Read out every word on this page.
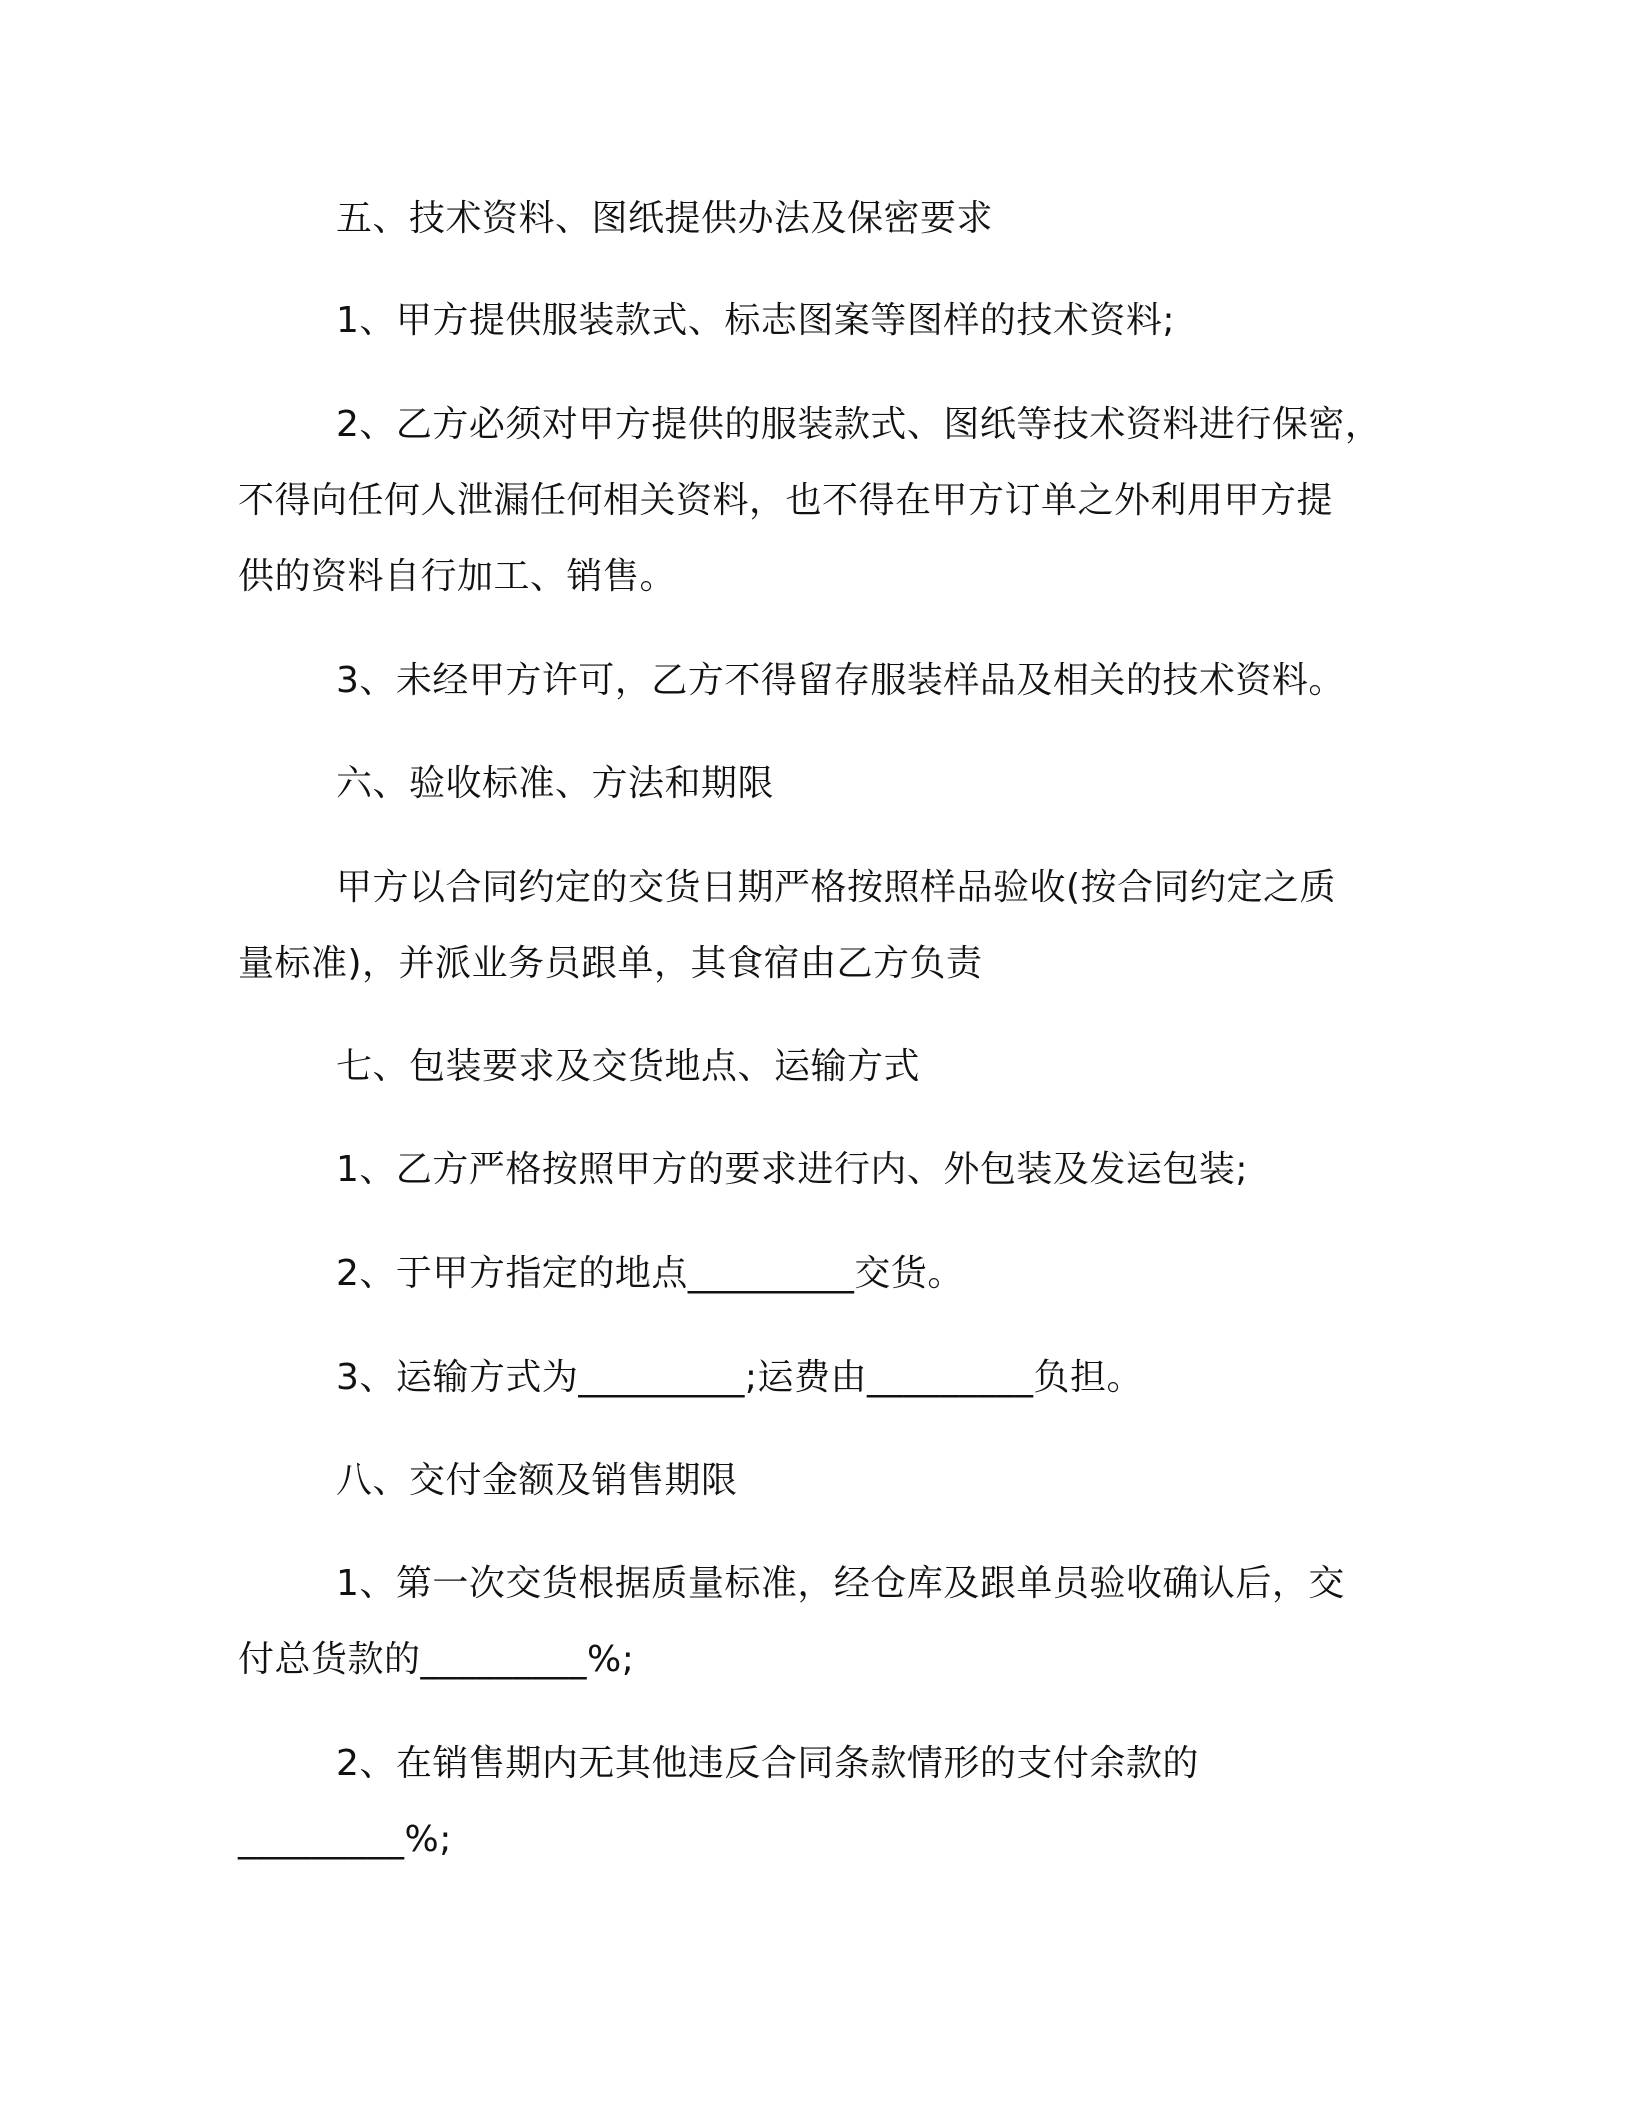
五、技术资料、图纸提供办法及保密要求
1、甲方提供服装款式、标志图案等图样的技术资料;
2、乙方必须对甲方提供的服装款式、图纸等技术资料进行保密，
不得向任何人泄漏任何相关资料，也不得在甲方订单之外利用甲方提
供的资料自行加工、销售。
3、未经甲方许可，乙方不得留存服装样品及相关的技术资料。
六、验收标准、方法和期限
甲方以合同约定的交货日期严格按照样品验收(按合同约定之质
量标准)，并派业务员跟单，其食宿由乙方负责
七、包装要求及交货地点、运输方式
1、乙方严格按照甲方的要求进行内、外包装及发运包装;
2、于甲方指定的地点_________交货。
3、运输方式为_________;运费由_________负担。
八、交付金额及销售期限
1、第一次交货根据质量标准，经仓库及跟单员验收确认后，交
付总货款的_________%;
2、在销售期内无其他违反合同条款情形的支付余款的
_________%;
